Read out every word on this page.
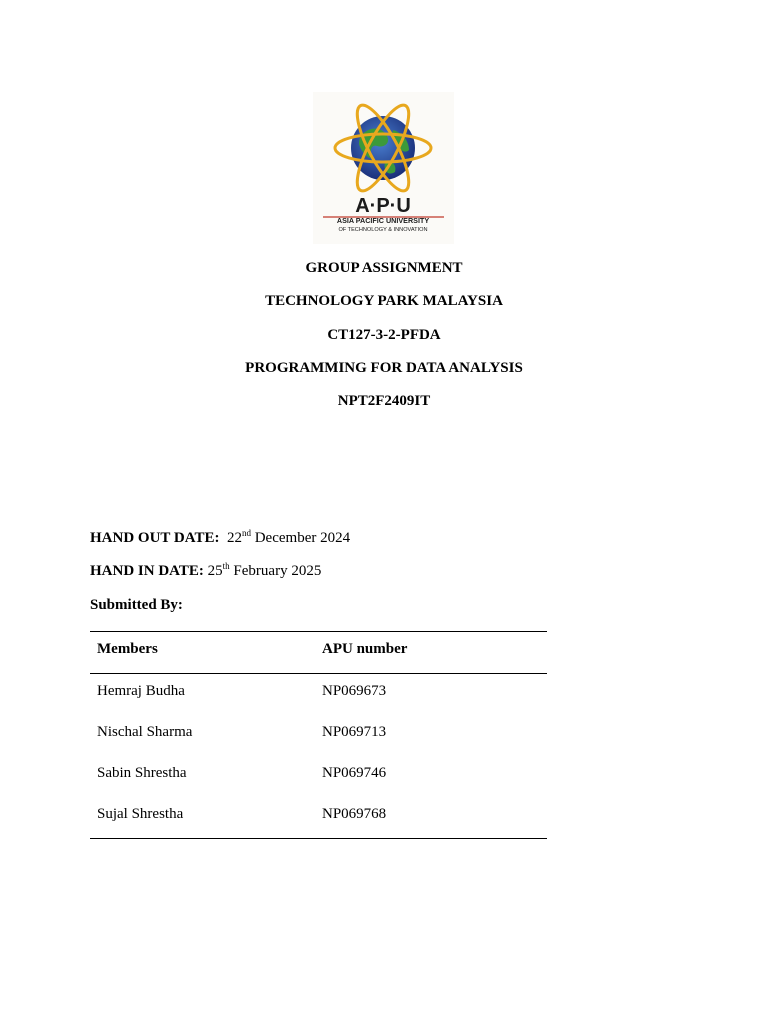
A·P·U
ASIA PACIFIC UNIVERSITY
OF TECHNOLOGY & INNOVATION
GROUP ASSIGNMENT
TECHNOLOGY PARK MALAYSIA
CT127-3-2-PFDA
PROGRAMMING FOR DATA ANALYSIS
NPT2F2409IT
HAND OUT DATE: 22nd December 2024
HAND IN DATE: 25th February 2025
Submitted By:
Members	APU number
Hemraj Budha	NP069673
Nischal Sharma	NP069713
Sabin Shrestha	NP069746
Sujal Shrestha	NP069768
